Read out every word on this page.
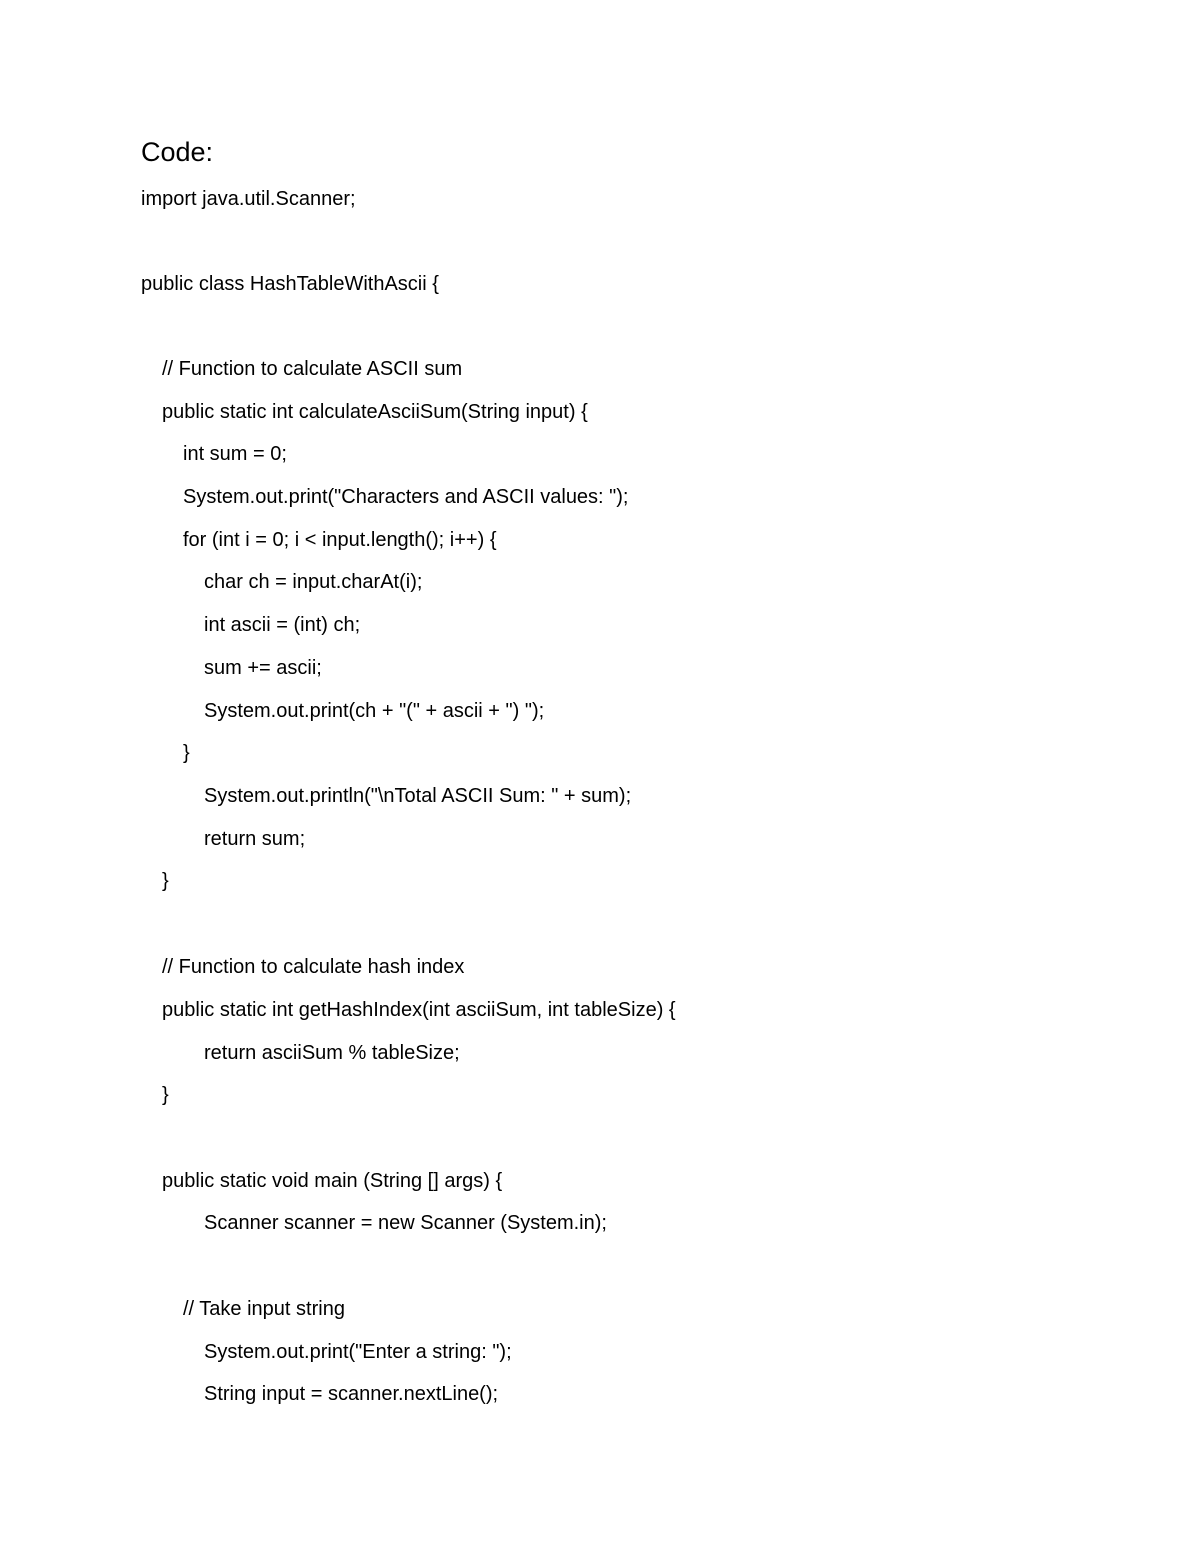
Code:

import java.util.Scanner;

public class HashTableWithAscii {

// Function to calculate ASCII sum

public static int calculateAsciiSum(String input) {

int sum = 0;

System.out.print("Characters and ASCII values: ");

for (int i = 0; i < input.length(); i++) {

char ch = input.charAt(i);

int ascii = (int) ch;

sum += ascii;

System.out.print(ch + "(" + ascii + ") ");

}

System.out.println("\nTotal ASCII Sum: " + sum);

return sum;

}

// Function to calculate hash index

public static int getHashIndex(int asciiSum, int tableSize) {

return asciiSum % tableSize;

}

public static void main (String [] args) {

Scanner scanner = new Scanner (System.in);

// Take input string

System.out.print("Enter a string: ");

String input = scanner.nextLine();
